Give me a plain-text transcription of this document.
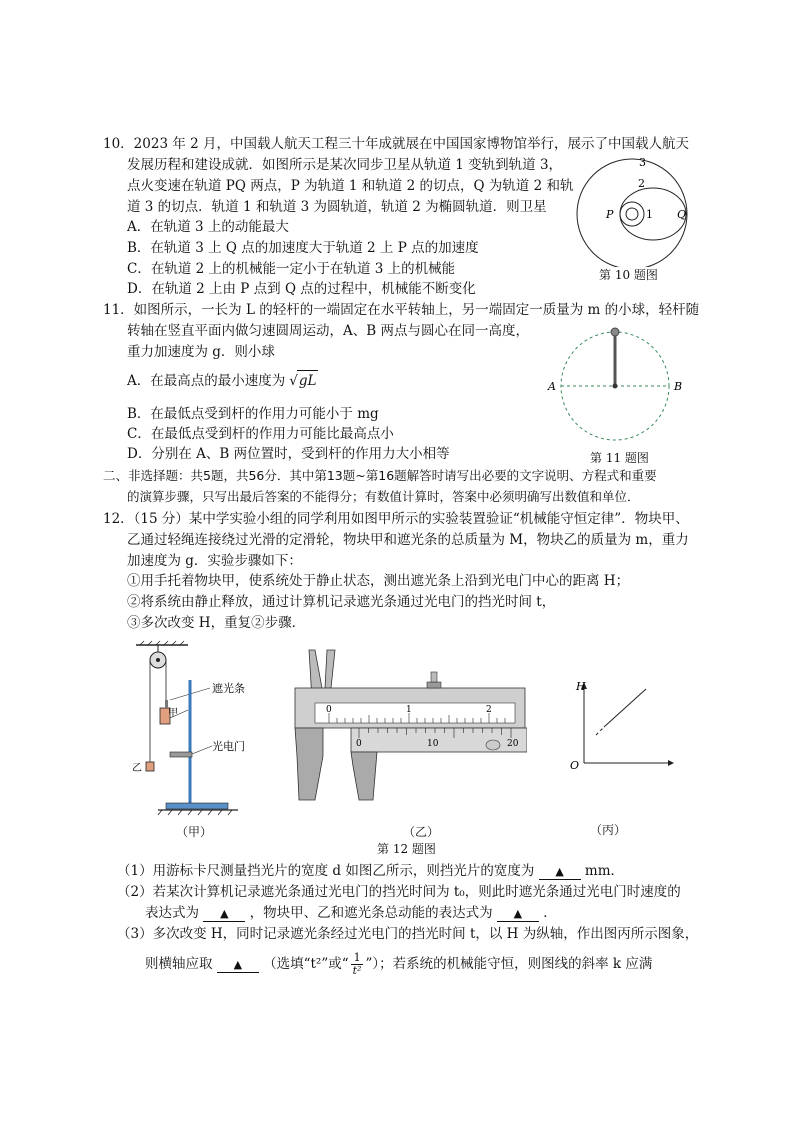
10．2023 年 2 月，中国载人航天工程三十年成就展在中国国家博物馆举行，展示了中国载人航天
发展历程和建设成就．如图所示是某次同步卫星从轨道 1 变轨到轨道 3，
点火变速在轨道 PQ 两点，P 为轨道 1 和轨道 2 的切点，Q 为轨道 2 和轨
道 3 的切点．轨道 1 和轨道 3 为圆轨道，轨道 2 为椭圆轨道．则卫星
A．在轨道 3 上的动能最大
B．在轨道 3 上 Q 点的加速度大于轨道 2 上 P 点的加速度
C．在轨道 2 上的机械能一定小于在轨道 3 上的机械能
D．在轨道 2 上由 P 点到 Q 点的过程中，机械能不断变化
3
2
1
P	Q
第 10 题图
11．如图所示，一长为 L 的轻杆的一端固定在水平转轴上，另一端固定一质量为 m 的小球，轻杆随
转轴在竖直平面内做匀速圆周运动，A、B 两点与圆心在同一高度，
重力加速度为 g．则小球
A．在最高点的最小速度为 √gL
B．在最低点受到杆的作用力可能小于 mg
C．在最低点受到杆的作用力可能比最高点小
D．分别在 A、B 两位置时，受到杆的作用力大小相等
A	B
第 11 题图
二、非选择题：共5题，共56分．其中第13题~第16题解答时请写出必要的文字说明、方程式和重要
的演算步骤，只写出最后答案的不能得分；有数值计算时，答案中必须明确写出数值和单位．
12．（15 分）某中学实验小组的同学利用如图甲所示的实验装置验证“机械能守恒定律”．物块甲、
乙通过轻绳连接绕过光滑的定滑轮，物块甲和遮光条的总质量为 M，物块乙的质量为 m，重力
加速度为 g．实验步骤如下：
①用手托着物块甲，使系统处于静止状态，测出遮光条上沿到光电门中心的距离 H；
②将系统由静止释放，通过计算机记录遮光条通过光电门的挡光时间 t，
③多次改变 H，重复②步骤．
遮光条
甲
乙
光电门
（甲）
0	1	2
0	10	20
（乙）
H
O
（丙）
第 12 题图
（1）用游标卡尺测量挡光片的宽度 d 如图乙所示，则挡光片的宽度为 ▲ mm．
（2）若某次计算机记录遮光条通过光电门的挡光时间为 t₀，则此时遮光条通过光电门时速度的
表达式为 ▲ ，物块甲、乙和遮光条总动能的表达式为 ▲ ．
（3）多次改变 H，同时记录遮光条经过光电门的挡光时间 t，以 H 为纵轴，作出图丙所示图象，
则横轴应取 ▲ （选填“t²”或“ $\frac{1}{\text{t²}}$ ”）；若系统的机械能守恒，则图线的斜率 k 应满
